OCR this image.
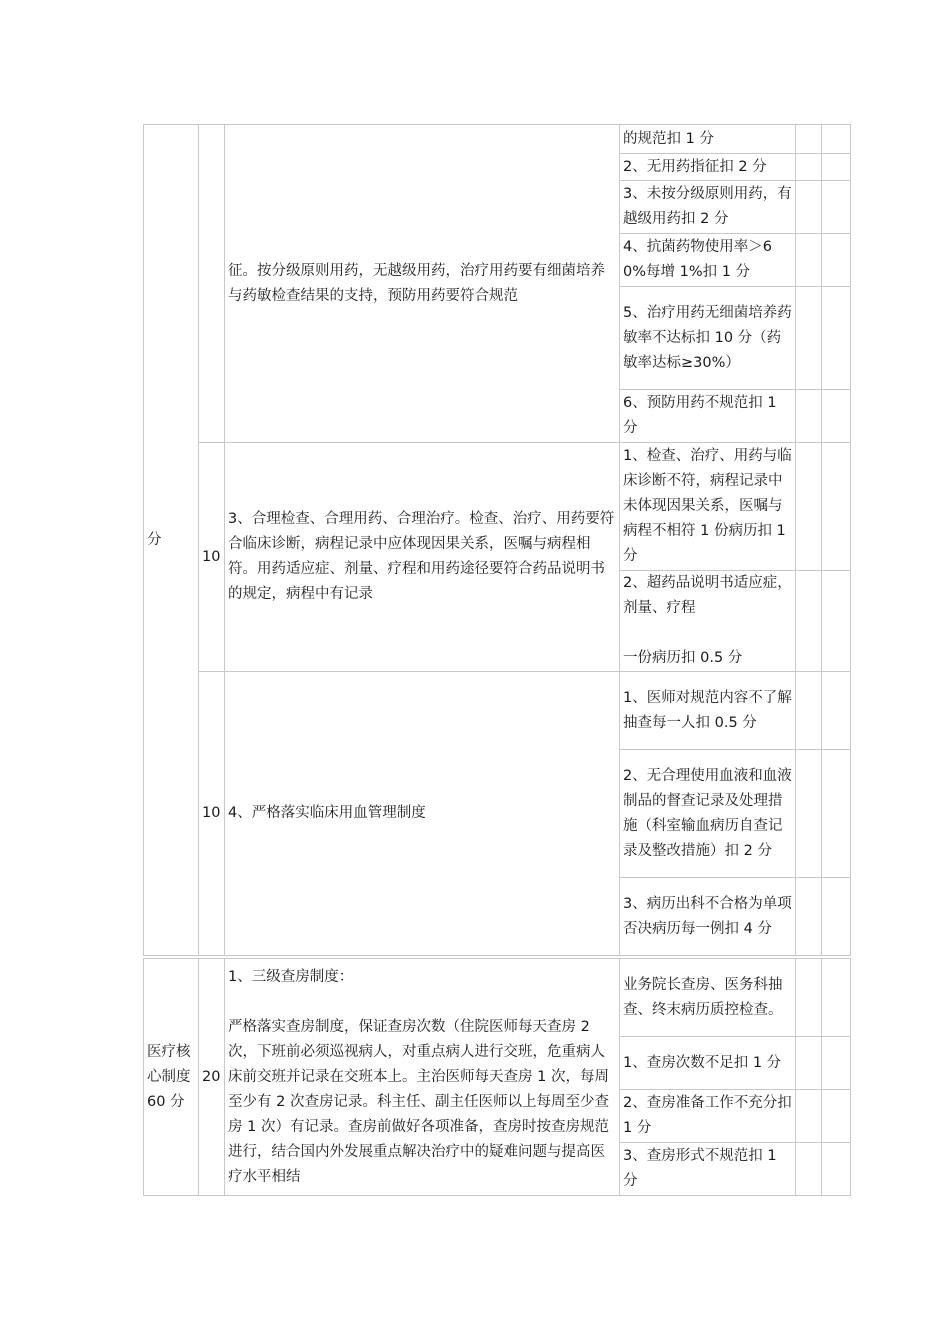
分		征。按分级原则用药，无越级用药，治疗用药要有细菌培养与药敏检查结果的支持，预防用药要符合规范	的规范扣 1 分		
			2、无用药指征扣 2 分		
			3、未按分级原则用药，有越级用药扣 2 分		
			4、抗菌药物使用率＞60%每增 1%扣 1 分		
			5、治疗用药无细菌培养药敏率不达标扣 10 分（药敏率达标≥30%）		
			6、预防用药不规范扣 1 分		
	10	3、合理检查、合理用药、合理治疗。检查、治疗、用药要符合临床诊断，病程记录中应体现因果关系，医嘱与病程相符。用药适应症、剂量、疗程和用药途径要符合药品说明书的规定，病程中有记录	1、检查、治疗、用药与临床诊断不符，病程记录中未体现因果关系，医嘱与病程不相符 1 份病历扣 1 分		
			2、超药品说明书适应症，剂量、疗程

一份病历扣 0.5 分		
	10	4、严格落实临床用血管理制度	1、医师对规范内容不了解抽查每一人扣 0.5 分		
			2、无合理使用血液和血液制品的督查记录及处理措施（科室输血病历自查记录及整改措施）扣 2 分		
			3、病历出科不合格为单项否决病历每一例扣 4 分		
医疗核心制度 60 分	20	1、三级查房制度：

严格落实查房制度，保证查房次数（住院医师每天查房 2 次，下班前必须巡视病人，对重点病人进行交班，危重病人床前交班并记录在交班本上。主治医师每天查房 1 次，每周至少有 2 次查房记录。科主任、副主任医师以上每周至少查房 1 次）有记录。查房前做好各项准备，查房时按查房规范进行，结合国内外发展重点解决治疗中的疑难问题与提高医疗水平相结	业务院长查房、医务科抽查、终末病历质控检查。		
			1、查房次数不足扣 1 分		
			2、查房准备工作不充分扣 1 分		
			3、查房形式不规范扣 1 分		
